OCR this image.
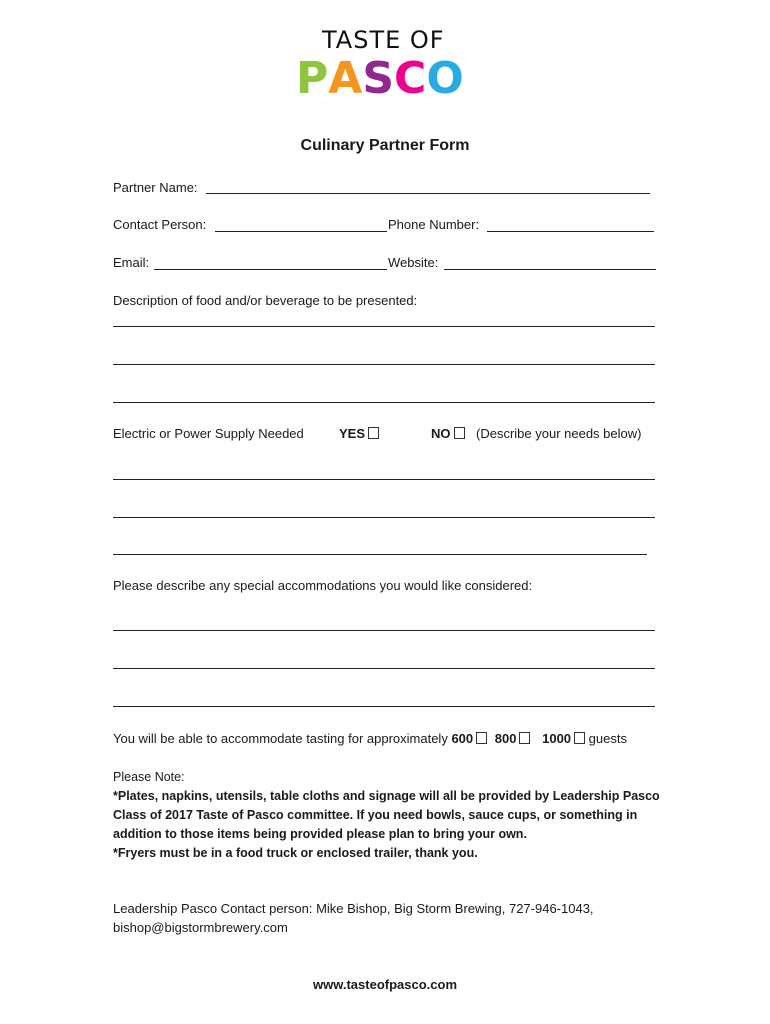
TASTE OF
P A S C O
Culinary Partner Form
Partner Name:
Contact Person:	Phone Number:
Email:	Website:
Description of food and/or beverage to be presented:
Electric or Power Supply Needed	YES	NO	(Describe your needs below)
Please describe any special accommodations you would like considered:
You will be able to accommodate tasting for approximately 600 800 1000 guests

Please Note:

*Plates, napkins, utensils, table cloths and signage will all be provided by Leadership Pasco Class of 2017 Taste of Pasco committee. If you need bowls, sauce cups, or something in addition to those items being provided please plan to bring your own.

*Fryers must be in a food truck or enclosed trailer, thank you.

Leadership Pasco Contact person: Mike Bishop, Big Storm Brewing, 727-946-1043,
bishop@bigstormbrewery.com
www.tasteofpasco.com
